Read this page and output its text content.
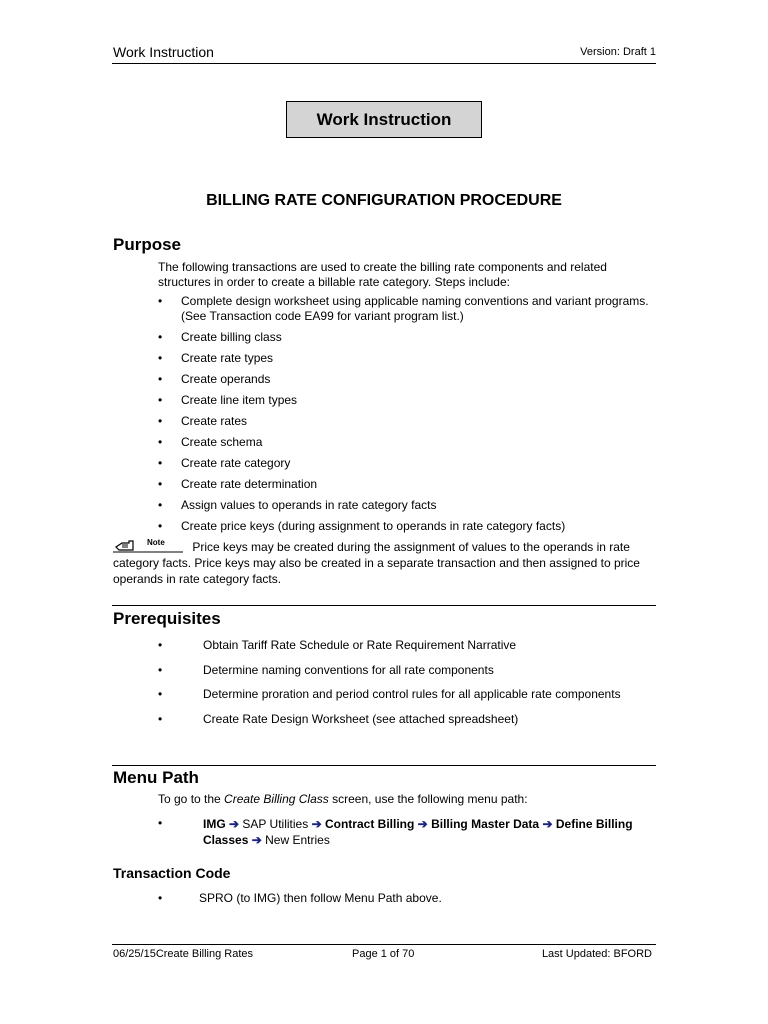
Work Instruction	Version: Draft 1
Work Instruction
BILLING RATE CONFIGURATION PROCEDURE
Purpose
The following transactions are used to create the billing rate components and related
structures in order to create a billable rate category. Steps include:
• Complete design worksheet using applicable naming conventions and variant programs. (See Transaction code EA99 for variant program list.)
• Create billing class
• Create rate types
• Create operands
• Create line item types
• Create rates
• Create schema
• Create rate category
• Create rate determination
• Assign values to operands in rate category facts
• Create price keys (during assignment to operands in rate category facts)
Note Price keys may be created during the assignment of values to the operands in rate category facts. Price keys may also be created in a separate transaction and then assigned to price operands in rate category facts.
Prerequisites
•	Obtain Tariff Rate Schedule or Rate Requirement Narrative
•	Determine naming conventions for all rate components
•	Determine proration and period control rules for all applicable rate components
•	Create Rate Design Worksheet (see attached spreadsheet)
Menu Path
To go to the Create Billing Class screen, use the following menu path:
•	IMG ➔ SAP Utilities ➔ Contract Billing ➔ Billing Master Data ➔ Define Billing Classes ➔ New Entries
Transaction Code
•	SPRO (to IMG) then follow Menu Path above.
06/25/15Create Billing Rates	Page 1 of 70	Last Updated: BFORD
